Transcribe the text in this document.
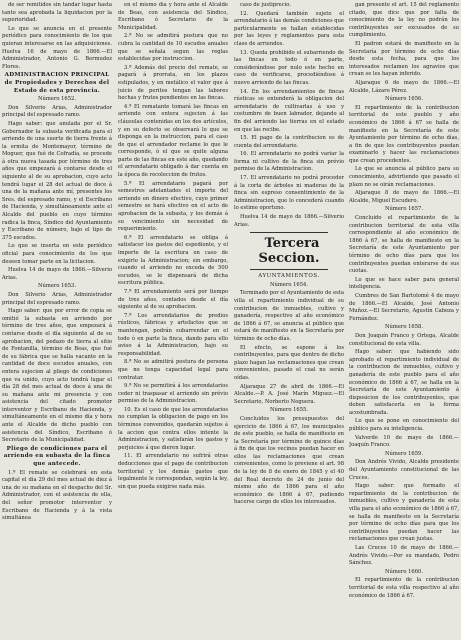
de ser remitidos sin tandar lugar hasta tanto sea aprobada la liquidacion por la superioridad.

Lo que se anuncia en el presente periódico para conocimiento de los que quieran interesarse en las adquisiciones. Huelva 16 de mayo de 1866.—El Administrador, Antonio G. Bermudez Flores.

ADMINISTRACION PRINCIPAL de Propiedades y Derechos del Estado de esta provincia.

Número 1652.

Don Silverio Arias, Administrador principal del espresado ramo.

Hago saber: que anulada por el Sr. Gobernador la subasta verificada para el arriendo de una suerte de tierra frente á la ermita de Montemayor, término de Moguer, que fué de Cofradía, se procede á otra nueva tasada por término de tres años que empezará á contarse desde el siguiente al de su aprobacion, cuyo acto tendrá lugar el 28 del actual de doce á una de la mañana ante mí, presentes los Sres. del espresado ramo, y el Escribano de Hacienda, y simultáneamente ante el Alcalde del pueblo en cuyo término radica la finca, Síndico del Ayuntamiento y Escribano de número, bajo el tipo de 375 escudos.

Lo que se inserta en este periódico oficial para conocimiento de los que deseen tomar parte en la licitacion.

Huelva 14 de mayo de 1866.—Silverio Arias.

Número 1653.

Don Silverio Arias, Administrador principal del espresado ramo.

Hago saber: que por error de copia se omitió la subasta en arriendo por término de tres años, que empezará á contarse desde el día siguiente al de su aprobacion, del pedazo de tierra al sitio de Fontanilla, término de Beas, que fué de su fábrica que se halla vacante en la cantidad de doce escudos anuales, con entera sujecion al pliego de condiciones que va unido, cuyo acto tendrá lugar el día 28 del mes actual de doce á una de su mañana ante mi presencia y con asistencia del citado promotor interventor y Escribano de Hacienda, y simultáneamente en el mismo día y hora ante el Alcalde de dicho pueblo con asistencia del Síndico, Escribano ó Secretario de la Municipalidad.

Pliego de condiciones para el arriendo en subasta de la finca que antecede.

1.ª El remate se celebrará en esta capital el día 29 del mes actual de diez á una de su mañana en el despacho del Sr. Administrador, con el asistencia de ella, del señor promotor interventor y Escribano de Hacienda y á la vista simultánea

en el mismo día y hora ante el Alcalde de Beas, con asistencia del Síndico, Escribano ó Secretario de la Municipalidad.

2.ª No se admitirá postura que no cubra la cantidad de 10 escudos anuales que se señala segun las reglas establecidas por instruccion.

3.ª Además del precio del remate, se pagará á prorrata, en los plazos estipulados, y en metálico el valor que á juicio de peritos tengan las labores hechas y frutos pendientes en las fincas.

4.ª El rematante tomará las fincas en arriendo con entera sujecion á las cláusulas contenidas en los dos artículos, y en su defecto se observará lo que se disponga en la instruccion, para el caso de que el arrendador reclame lo que le corresponde, ó el que se quite alguna parte de las fincas en este año, quedando el arrendatario obligado á dar cuenta en la época de recoleccion de frutos.

5.ª El arrendatario pagará por semestres adelantados el importe del arriendo en dinero efectivo, cuyo primer semestre se hará efectivo en el acto de aprobacion de la subasta, y los demás á su vencimiento sin necesidad de requerimiento.

6.ª El arrendatario se obliga á satisfacer los gastos del espediente, y el importe de la escritura en caso de exigirlo la Administracion; sin embargo, cuando el arriendo no exceda de 500 escudos, se le dispensará de dicha escritura pública.

7.ª El arrendamiento será por tiempo de tres años, contados desde el día siguiente al de su aprobacion.

7.ª Los arrendatarios de predios rústicos, fábricas y artefactos que se mantengan, podrán subarrendar en el todo ó en parte la finca, dando para ello aviso á la Administracion, bajo su responsabilidad.

8.ª No se admitirá postura de persona que no tenga capacidad legal para contratar.

9.ª No se permitirá á los arrendatarios ceder ni traspasar el arriendo sin prévio permiso de la Administracion.

10. Es el caso de que los arrendatarios no cumplan la obligacion de pago en los términos convenidos, quedarán sujetos á la accion que contra ellos intente la Administracion, y satisfarán los gastos y perjuicios á que dieren lugar.

11. El arrendatario no sufrirá otras deducciones que el pago de contribucion territorial y los demás gastos que legalmente le correspondan, según la ley, sin que pueda exigirse nada más.

caso de justiprecio.

12. Quedará también sujeto el arrendatario á las demás condiciones que particularmente se hallan establecidas por las leyes y reglamentos para esta clase de arriendos.

13. Queda prohibido el subarriendo de las fincas en todo ó en parte, considerándose por nulo este hecho en caso de verificarse, procediéndose á nuevo arriendo de las fincas.

14. En los arrendamientos de fincas rústicas se entenderá la obligacion del arrendatario de cultivarlas á uso y costumbre de buen labrador, dejando al fin del arriendo las tierras en el estado en que las recibe.

15. El pago de la contribucion es de cuenta del arrendatario.

16. El arrendatario no podrá variar la forma ni cultivo de la finca sin prévio permiso de la Administracion.

17. El arrendatario no podrá proceder á la corta de árboles ni maderas de la finca sin espreso consentimiento de la Administracion, que lo concederá cuando lo estime oportuno.

Huelva 14 de mayo de 1866.—Silverio Arias.

Tercera Seccion.

AYUNTAMIENTOS.

Número 1654.

Terminado por el Ayuntamiento de esta villa el repartimiento individual de su contribucion de inmuebles, cultivo y ganadería, respectivo al año económico de 1866 á 67, se anuncia al público que estará de manifiesto en la Secretaría por término de ocho días.

El efecto, se espone á los contribuyentes, para que dentro de dicho plazo hagan las reclamaciones que crean convenientes, pasado el cual no serán oídas.

Aljaraque 27 de abril de 1866.—El Alcalde.—P. A. José Marín Miguez.—El Secretario, Norberto Noguera.

Número 1655.

Concluidos los presupuestos del ejercicio de 1866 á 67, los municipales de este pueblo, se halla de manifiesto en la Secretaría por término de quince días á fin de que los vecinos puedan hacer en ellos las reclamaciones que crean convenientes, como lo previene el art. 98 de la ley de 8 de enero de 1845 y el 40 del Real decreto de 24 de junio del mismo año de 1866 para el año económico de 1866 á 67, pudiendo hacerse cargo de ellos los interesados.

gan presente el art. 15 del reglamento citado, que dice que por falta de conocimiento de la ley no podrán los contribuyentes ser excusados de su cumplimiento.

El padron estará de manifiesto en la Secretaría por término de ocho días desde esta fecha, para que los interesados reclamen los agravios que crean se les hayan inferido.

Aljaraque 6 de mayo de 1866.—El Alcalde, Lázaro Pérez.

Número 1656.

El repartimiento de la contribucion territorial de este pueblo y año económico de 1866 á 67 se halla de manifiesto en la Secretaría de este Ayuntamiento por término de ocho días, a fin de que los contribuyentes puedan examinarlo y hacer las reclamaciones que crean procedentes.

Lo que se anuncia al público para su conocimiento, advirtiendo que pasado el plazo no se oirán reclamaciones.

Aljaraque 8 de mayo de 1866.—El Alcalde, Miguel Escudero.

Número 1657.

Concluido el repartimiento de la contribucion territorial de esta villa correspondiente al año económico de 1866 á 67, se halla de manifiesto en la Secretaría de este Ayuntamiento por término de ocho días para que los contribuyentes puedan enterarse de sus cuotas.

Lo que se hace saber para general inteligencia.

Cumbres de San Bartolomé 4 de mayo de 1866.—El Alcalde, José Antonio Muñoz.—El Secretario, Agustín Cabeza y Fernández.

Número 1658.

Don Joaquín Franco y Ortega, Alcalde constitucional de esta villa.

Hago saber: que habiendo sido aprobado el repartimiento individual de la contribucion de inmuebles, cultivo y ganadería de este pueblo para el año económico de 1866 á 67, se halla en la Secretaría de este Ayuntamiento á disposicion de los contribuyentes, que deben satisfacerla en la forma acostumbrada.

Lo que se pone en conocimiento del público para su inteligencia.

Valverde 10 de mayo de 1866.—Joaquín Franco.

Número 1659.

Don Andrés Vivido, Alcalde presidente del Ayuntamiento constitucional de las Cruces.

Hago saber: que formado el repartimiento de la contribucion de inmuebles, cultivo y ganadería de esta villa para el año económico de 1866 á 67, se halla de manifiesto en la Secretaría por término de ocho días para que los contribuyentes puedan hacer las reclamaciones que crean justas.

Las Cruces 10 de mayo de 1866.—Andrés Vivido.—Por su mandado, Pedro Sánchez.

Número 1660.

El repartimiento de la contribucion territorial de esta villa respectivo al año económico de 1866 á 67.
